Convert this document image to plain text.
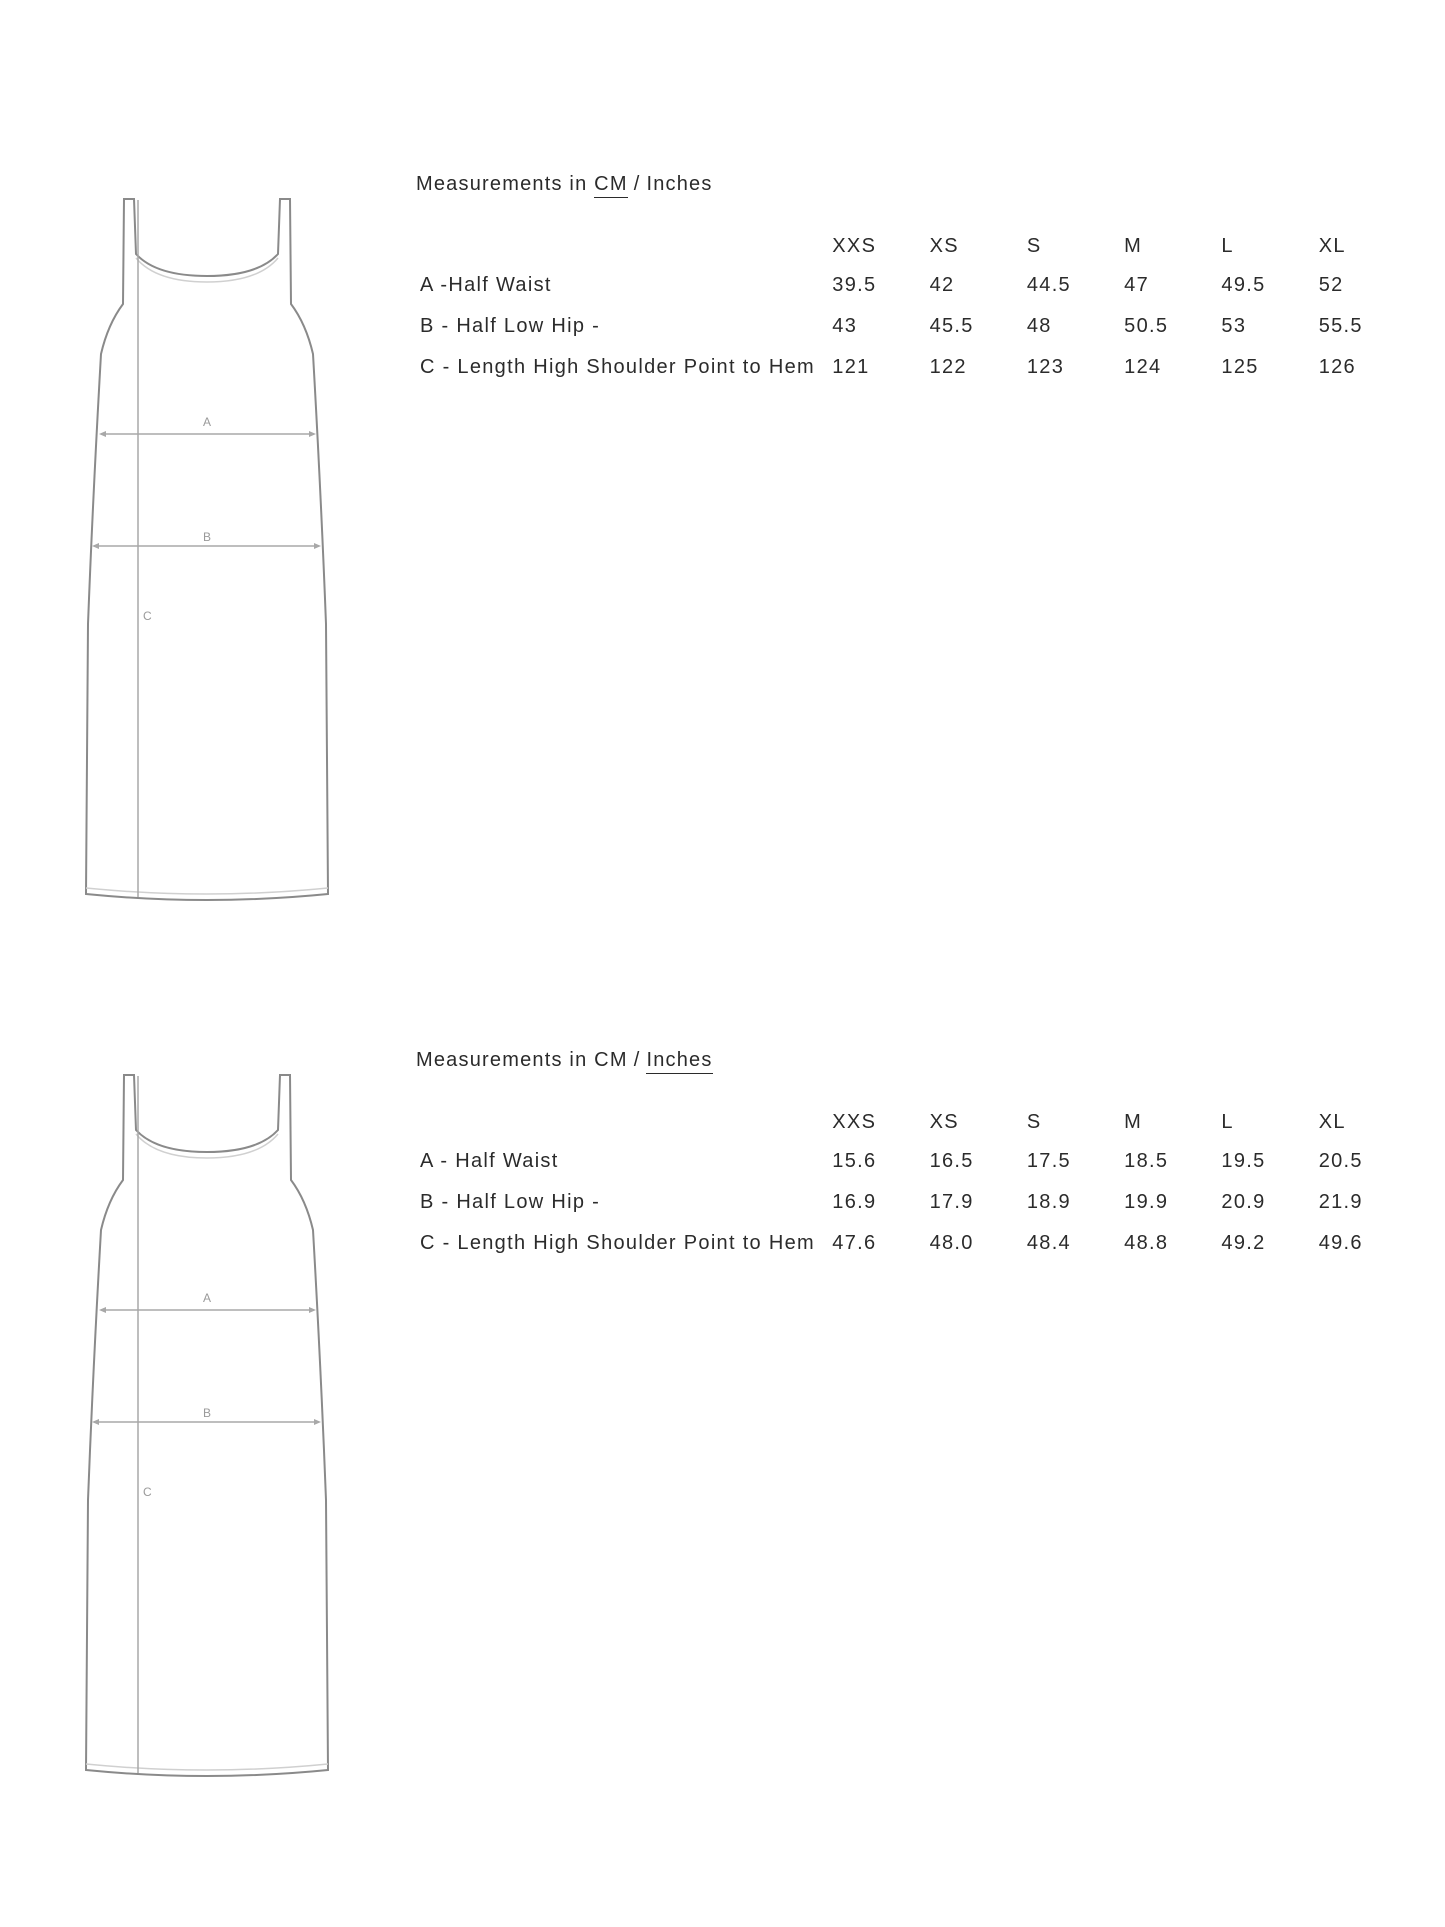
A
B
C
Measurements in CM / Inches
	XXS	XS	S	M	L	XL
A -Half Waist	39.5	42	44.5	47	49.5	52
B - Half Low Hip -	43	45.5	48	50.5	53	55.5
C - Length High Shoulder Point to Hem	121	122	123	124	125	126
A
B
C
Measurements in CM / Inches
	XXS	XS	S	M	L	XL
A - Half Waist	15.6	16.5	17.5	18.5	19.5	20.5
B - Half Low Hip -	16.9	17.9	18.9	19.9	20.9	21.9
C - Length High Shoulder Point to Hem	47.6	48.0	48.4	48.8	49.2	49.6
